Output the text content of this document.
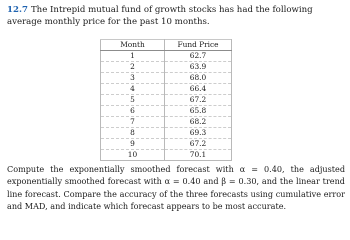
12.7 The Intrepid mutual fund of growth stocks has had the following average monthly price for the past 10 months.

Month	Fund Price
1	62.7
2	63.9
3	68.0
4	66.4
5	67.2
6	65.8
7	68.2
8	69.3
9	67.2
10	70.1

Compute the exponentially smoothed forecast with α = 0.40, the adjusted exponentially smoothed forecast with α = 0.40 and β = 0.30, and the linear trend line forecast. Compare the accuracy of the three forecasts using cumulative error and MAD, and indicate which forecast appears to be most accurate.
